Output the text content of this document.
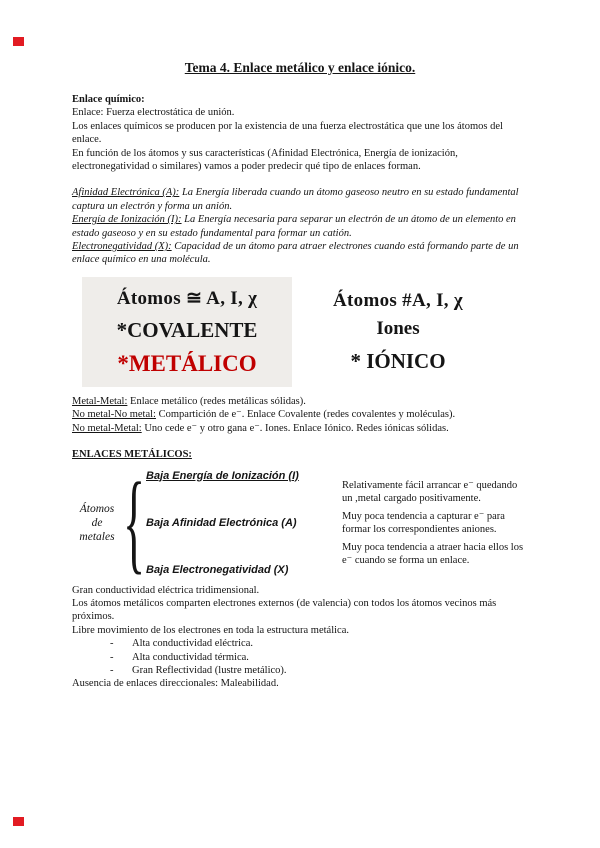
Tema 4. Enlace metálico y enlace iónico.
Enlace químico:
Enlace: Fuerza electrostática de unión.
Los enlaces químicos se producen por la existencia de una fuerza electrostática que une los átomos del enlace.
En función de los átomos y sus características (Afinidad Electrónica, Energía de ionización, electronegatividad o similares) vamos a poder predecir qué tipo de enlaces forman.
Afinidad Electrónica (A): La Energía liberada cuando un átomo gaseoso neutro en su estado fundamental captura un electrón y forma un anión.
Energía de Ionización (I): La Energía necesaria para separar un electrón de un átomo de un elemento en estado gaseoso y en su estado fundamental para formar un catión.
Electronegatividad (X): Capacidad de un átomo para atraer electrones cuando está formando parte de un enlace químico en una molécula.
Átomos ≅ A, I, χ
*COVALENTE
*METÁLICO
Átomos #A, I, χ
Iones
* IÓNICO
Metal-Metal: Enlace metálico (redes metálicas sólidas).
No metal-No metal: Compartición de e⁻. Enlace Covalente (redes covalentes y moléculas).
No metal-Metal: Uno cede e⁻ y otro gana e⁻. Iones. Enlace Iónico. Redes iónicas sólidas.
ENLACES METÁLICOS:
Átomos
de
metales { Baja Energía de Ionización (I)
Baja Afinidad Electrónica (A)
Baja Electronegatividad (X)
Relativamente fácil arrancar e⁻ quedando un ,metal cargado positivamente.
Muy poca tendencia a capturar e⁻ para formar los correspondientes aniones.
Muy poca tendencia a atraer hacia ellos los e⁻ cuando se forma un enlace.
Gran conductividad eléctrica tridimensional.
Los átomos metálicos comparten electrones externos (de valencia) con todos los átomos vecinos más próximos.
Libre movimiento de los electrones en toda la estructura metálica.
-	Alta conductividad eléctrica.
-	Alta conductividad térmica.
-	Gran Reflectividad (lustre metálico).
Ausencia de enlaces direccionales: Maleabilidad.
